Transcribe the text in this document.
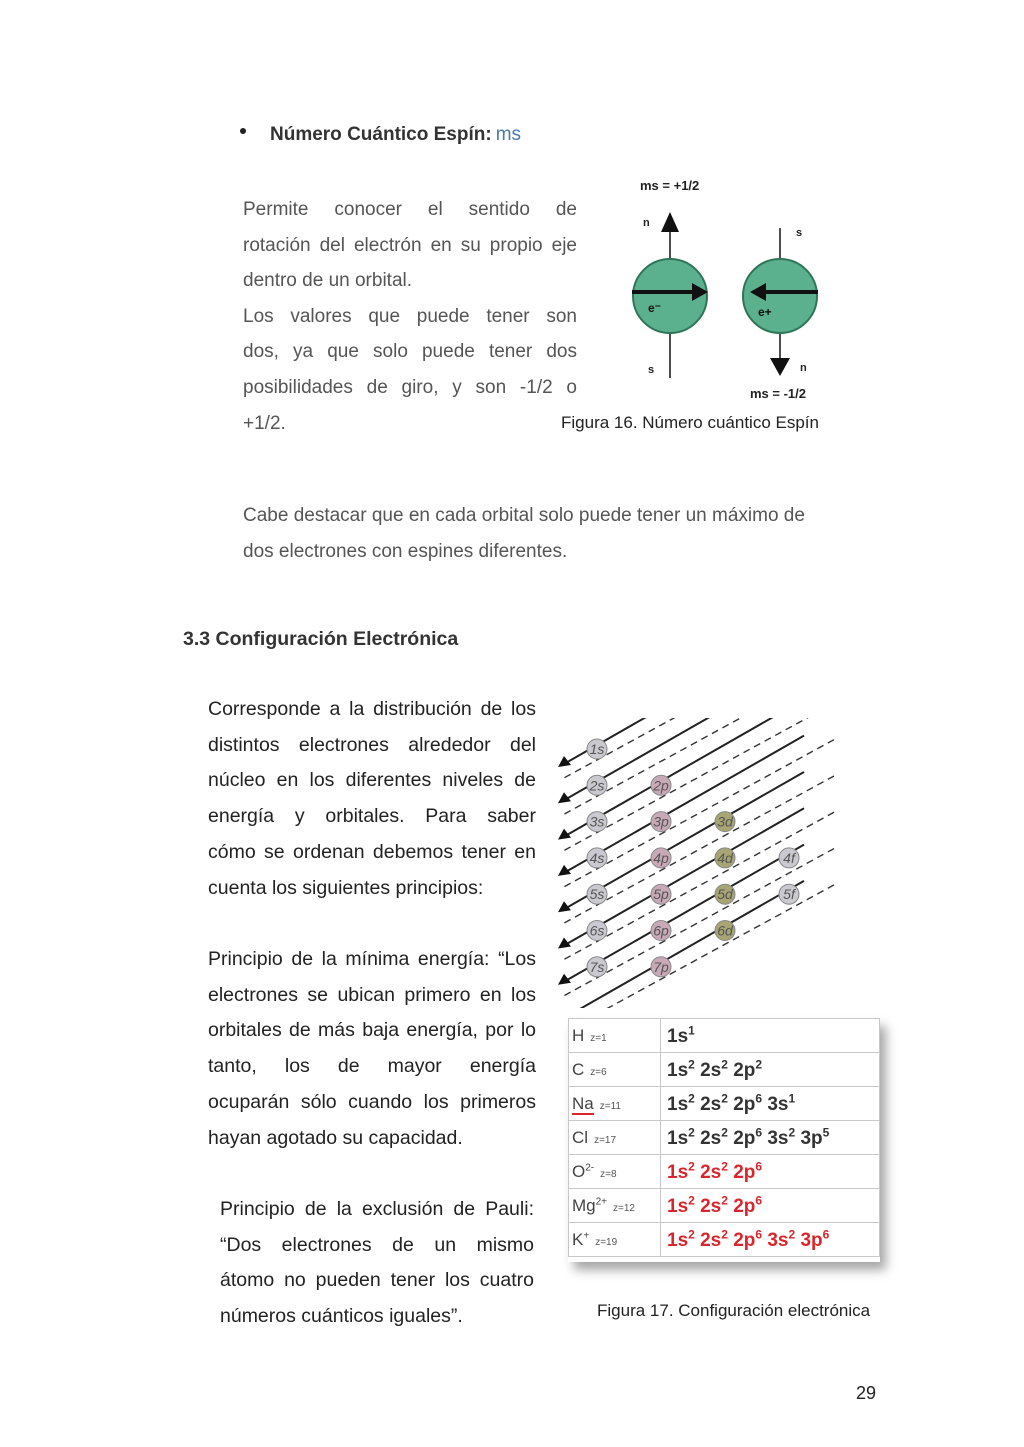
Número Cuántico Espín: ms
Permite conocer el sentido de
rotación del electrón en su propio eje
dentro de un orbital.
Los valores que puede tener son
dos, ya que solo puede tener dos
posibilidades de giro, y son -1/2 o
+1/2.
ms = +1/2
n
e⁻
s
s
e+
n
ms = -1/2
Figura 16. Número cuántico Espín
Cabe destacar que en cada orbital solo puede tener un máximo de
dos electrones con espines diferentes.
3.3 Configuración Electrónica
Corresponde a la distribución de los
distintos electrones alrededor del
núcleo en los diferentes niveles de
energía y orbitales. Para saber
cómo se ordenan debemos tener en
cuenta los siguientes principios:
Principio de la mínima energía: “Los
electrones se ubican primero en los
orbitales de más baja energía, por lo
tanto, los de mayor energía
ocuparán sólo cuando los primeros
hayan agotado su capacidad.
Principio de la exclusión de Pauli:
“Dos electrones de un mismo
átomo no pueden tener los cuatro
números cuánticos iguales”.
1s
2s	2p
3s	3p	3d
4s	4p	4d	4f
5s	5p	5d	5f
6s	6p	6d
7s	7p
H z=1	$1s^1$
C z=6	$1s^2$ $2s^2$ $2p^2$
Na z=11	$1s^2$ $2s^2$ $2p^6$ $3s^1$
Cl z=17	$1s^2$ $2s^2$ $2p^6$ $3s^2$ $3p^5$
$O^{2-}z=8$	$1s^2$ $2s^2$ $2p^6$
$Mg^{2+}z=12$	$1s^2$ $2s^2$ $2p^6$
K+z=19	$1s^2$ $2s^2$ $2p^6$ $3s^2$ $3p^6$
Figura 17. Configuración electrónica
29
